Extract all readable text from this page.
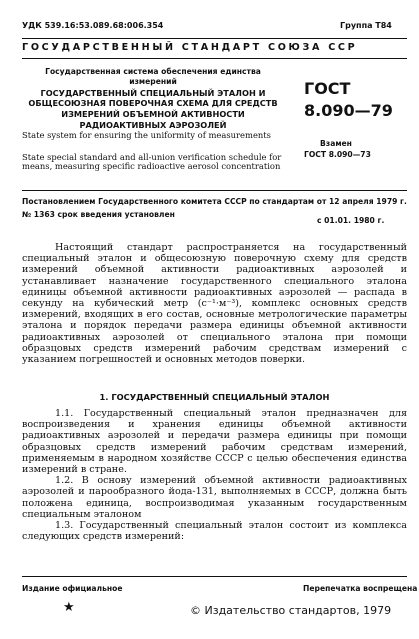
УДК 539.16:53.089.68:006.354	Группа Т84
ГОСУДАРСТВЕННЫЙ СТАНДАРТ СОЮЗА ССР
Государственная система обеспечения единства измерений
ГОСУДАРСТВЕННЫЙ СПЕЦИАЛЬНЫЙ ЭТАЛОН И ОБЩЕСОЮЗНАЯ ПОВЕРОЧНАЯ СХЕМА ДЛЯ СРЕДСТВ ИЗМЕРЕНИЙ ОБЪЕМНОЙ АКТИВНОСТИ РАДИОАКТИВНЫХ АЭРОЗОЛЕЙ
ГОСТ
8.090—79
Взамен
ГОСТ 8.090—73
State system for ensuring the uniformity of measurements
State special standard and all-union verification schedule for means, measuring specific radioactive aerosol concentration
Постановлением Государственного комитета СССР по стандартам от 12 апреля 1979 г. № 1363 срок введения установлен
с 01.01. 1980 г.

Настоящий стандарт распространяется на государственный специальный эталон и общесоюзную поверочную схему для средств измерений объемной активности радиоактивных аэрозолей и устанавливает назначение государственного специального эталона единицы объемной активности радиоактивных аэрозолей — распада в секунду на кубический метр (с⁻¹·м⁻³), комплекс основных средств измерений, входящих в его состав, основные метрологические параметры эталона и порядок передачи размера единицы объемной активности радиоактивных аэрозолей от специального эталона при помощи образцовых средств измерений рабочим средствам измерений с указанием погрешностей и основных методов поверки.

1. ГОСУДАРСТВЕННЫЙ СПЕЦИАЛЬНЫЙ ЭТАЛОН

1.1. Государственный специальный эталон предназначен для воспроизведения и хранения единицы объемной активности радиоактивных аэрозолей и передачи размера единицы при помощи образцовых средств измерений рабочим средствам измерений, применяемым в народном хозяйстве СССР с целью обеспечения единства измерений в стране.

1.2. В основу измерений объемной активности радиоактивных аэрозолей и парообразного йода-131, выполняемых в СССР, должна быть положена единица, воспроизводимая указанным государственным специальным эталоном

1.3. Государственный специальный эталон состоит из комплекса следующих средств измерений:

Издание официальное	Перепечатка воспрещена
★	© Издательство стандартов, 1979
